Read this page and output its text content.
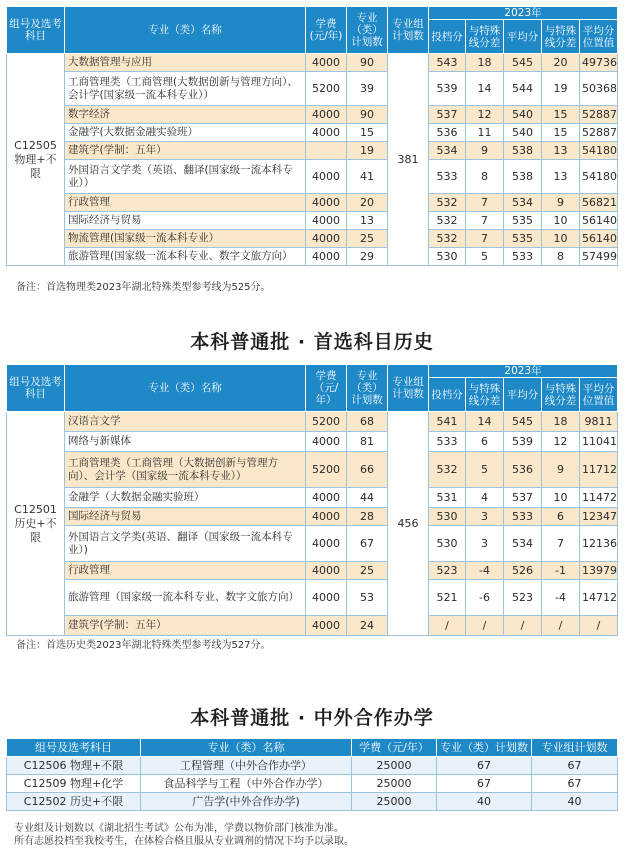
组号及选考科目	专业（类）名称	学费(元/年)	专业（类）计划数	专业组计划数	2023年				
					投档分	与特殊线分差	平均分	与特殊线分差	平均分位置值
C12505 物理+不限	大数据管理与应用	4000	90	381	543	18	545	20	49736
	工商管理类（工商管理(大数据创新与管理方向）、会计学(国家级一流本科专业））	5200	39		539	14	544	19	50368
	数字经济	4000	90		537	12	540	15	52887
	金融学(大数据金融实验班）	4000	15		536	11	540	15	52887
	建筑学(学制：五年）		19		534	9	538	13	54180
	外国语言文学类（英语、翻译(国家级一流本科专业））	4000	41		533	8	538	13	54180
	行政管理	4000	20		532	7	534	9	56821
	国际经济与贸易	4000	13		532	7	535	10	56140
	物流管理(国家级一流本科专业）	4000	25		532	7	535	10	56140
	旅游管理(国家级一流本科专业、数字文旅方向）	4000	29		530	5	533	8	57499
备注：首选物理类2023年湖北特殊类型参考线为525分。
本科普通批 · 首选科目历史
组号及选考科目	专业（类）名称	学费（元/年）	专业（类）计划数	专业组计划数	2023年				
					投档分	与特殊线分差	平均分	与特殊线分差	平均分位置值
C12501 历史+不限	汉语言文学	5200	68	456	541	14	545	18	9811
	网络与新媒体	4000	81		533	6	539	12	11041
	工商管理类（工商管理（大数据创新与管理方向）、会计学（国家级一流本科专业））	5200	66		532	5	536	9	11712
	金融学（大数据金融实验班）	4000	44		531	4	537	10	11472
	国际经济与贸易	4000	28		530	3	533	6	12347
	外国语言文学类(英语、翻译（国家级一流本科专业）)	4000	67		530	3	534	7	12136
	行政管理	4000	25		523	-4	526	-1	13979
	旅游管理（国家级一流本科专业、数字文旅方向）	4000	53		521	-6	523	-4	14712
	建筑学(学制：五年）	4000	24		/	/	/	/	/
备注：首选历史类2023年湖北特殊类型参考线为527分。
本科普通批 · 中外合作办学
组号及选考科目	专业（类）名称	学费（元/年）	专业（类）计划数	专业组计划数
C12506 物理+不限	工程管理（中外合作办学）	25000	67	67
C12509 物理+化学	食品科学与工程（中外合作办学）	25000	67	67
C12502 历史+不限	广告学(中外合作办学)	25000	40	40
专业组及计划数以《湖北招生考试》公布为准，学费以物价部门核准为准。
所有志愿投档至我校考生，在体检合格且服从专业调剂的情况下均予以录取。
